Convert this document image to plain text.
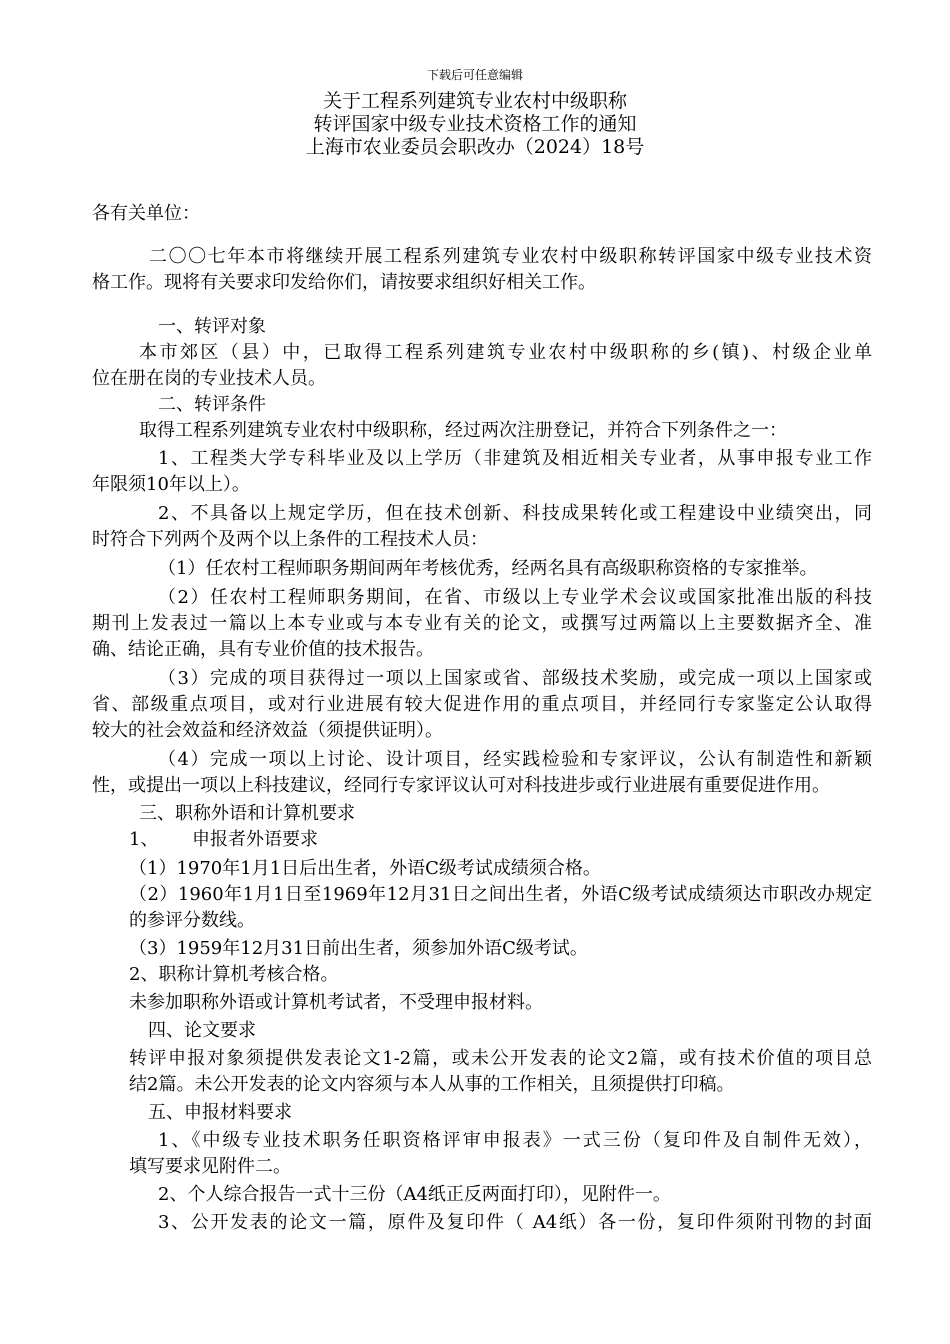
下载后可任意编辑
关于工程系列建筑专业农村中级职称
转评国家中级专业技术资格工作的通知
上海市农业委员会职改办（2024）18号
各有关单位：
二〇〇七年本市将继续开展工程系列建筑专业农村中级职称转评国家中级专业技术资
格工作。现将有关要求印发给你们，请按要求组织好相关工作。
一、转评对象
本市郊区（县）中，已取得工程系列建筑专业农村中级职称的乡(镇)、村级企业单
位在册在岗的专业技术人员。
二、转评条件
取得工程系列建筑专业农村中级职称，经过两次注册登记，并符合下列条件之一：
1、工程类大学专科毕业及以上学历（非建筑及相近相关专业者，从事申报专业工作
年限须10年以上）。
2、不具备以上规定学历，但在技术创新、科技成果转化或工程建设中业绩突出，同
时符合下列两个及两个以上条件的工程技术人员：
（1）任农村工程师职务期间两年考核优秀，经两名具有高级职称资格的专家推举。
（2）任农村工程师职务期间，在省、市级以上专业学术会议或国家批准出版的科技
期刊上发表过一篇以上本专业或与本专业有关的论文，或撰写过两篇以上主要数据齐全、准
确、结论正确，具有专业价值的技术报告。
（3）完成的项目获得过一项以上国家或省、部级技术奖励，或完成一项以上国家或
省、部级重点项目，或对行业进展有较大促进作用的重点项目，并经同行专家鉴定公认取得
较大的社会效益和经济效益（须提供证明）。
（4）完成一项以上讨论、设计项目，经实践检验和专家评议，公认有制造性和新颖
性，或提出一项以上科技建议，经同行专家评议认可对科技进步或行业进展有重要促进作用。
三、职称外语和计算机要求
1、 申报者外语要求
（1）1970年1月1日后出生者，外语C级考试成绩须合格。
（2）1960年1月1日至1969年12月31日之间出生者，外语C级考试成绩须达市职改办规定
的参评分数线。
（3）1959年12月31日前出生者，须参加外语C级考试。
2、职称计算机考核合格。
未参加职称外语或计算机考试者，不受理申报材料。
四、论文要求
转评申报对象须提供发表论文1-2篇，或未公开发表的论文2篇，或有技术价值的项目总
结2篇。未公开发表的论文内容须与本人从事的工作相关，且须提供打印稿。
五、申报材料要求
1、《中级专业技术职务任职资格评审申报表》一式三份（复印件及自制件无效），
填写要求见附件二。
2、个人综合报告一式十三份（A4纸正反两面打印），见附件一。
3、公开发表的论文一篇，原件及复印件（ A4纸）各一份，复印件须附刊物的封面
